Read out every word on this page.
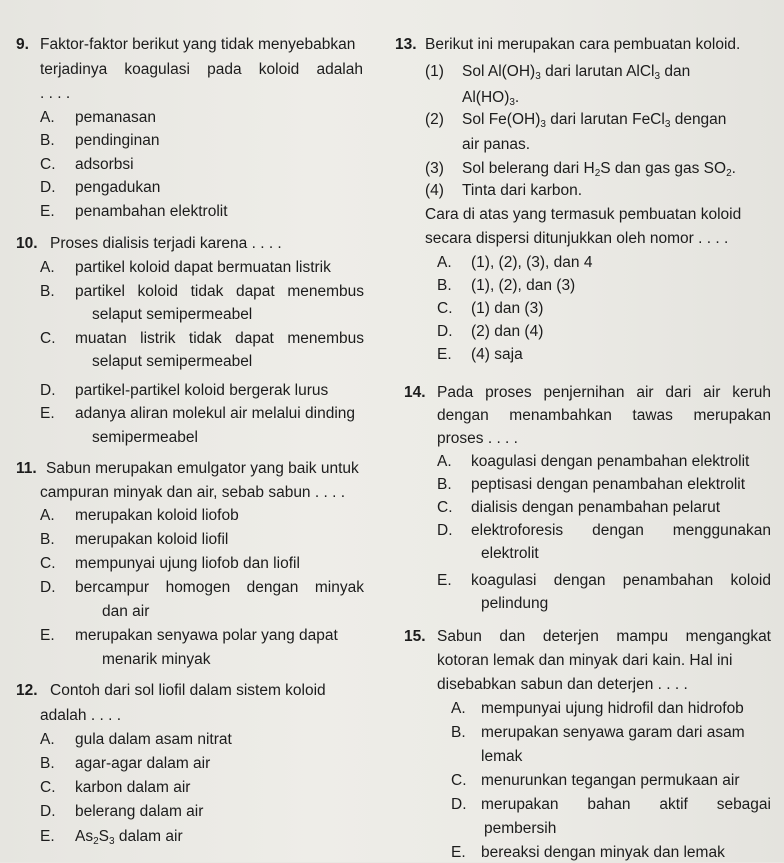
9. Faktor-faktor berikut yang tidak menyebabkan
terjadinya koagulasi pada koloid adalah
. . . .
A. pemanasan
B. pendinginan
C. adsorbsi
D. pengadukan
E. penambahan elektrolit
10. Proses dialisis terjadi karena . . . .
A. partikel koloid dapat bermuatan listrik
B. partikel koloid tidak dapat menembus
selaput semipermeabel
C. muatan listrik tidak dapat menembus
selaput semipermeabel
D. partikel-partikel koloid bergerak lurus
E. adanya aliran molekul air melalui dinding
semipermeabel
11. Sabun merupakan emulgator yang baik untuk
campuran minyak dan air, sebab sabun . . . .
A. merupakan koloid liofob
B. merupakan koloid liofil
C. mempunyai ujung liofob dan liofil
D. bercampur homogen dengan minyak
dan air
E. merupakan senyawa polar yang dapat
menarik minyak
12. Contoh dari sol liofil dalam sistem koloid
adalah . . . .
A. gula dalam asam nitrat
B. agar-agar dalam air
C. karbon dalam air
D. belerang dalam air
E. $As_2S_3$ dalam air
13. Berikut ini merupakan cara pembuatan koloid.
(1) Sol $Al(OH)_3$ dari larutan AlCl$_3$ dan
$Al(HO)_3$.
(2) Sol $Fe(OH)_3$ dari larutan FeCl$_3$ dengan
air panas.
(3) Sol belerang dari $H_2S$ dan gas gas $SO_2$.
(4) Tinta dari karbon.
Cara di atas yang termasuk pembuatan koloid
secara dispersi ditunjukkan oleh nomor . . . .
A. (1), (2), (3), dan 4
B. (1), (2), dan (3)
C. (1) dan (3)
D. (2) dan (4)
E. (4) saja
14. Pada proses penjernihan air dari air keruh
dengan menambahkan tawas merupakan
proses . . . .
A. koagulasi dengan penambahan elektrolit
B. peptisasi dengan penambahan elektrolit
C. dialisis dengan penambahan pelarut
D. elektroforesis dengan menggunakan
elektrolit
E. koagulasi dengan penambahan koloid
pelindung
15. Sabun dan deterjen mampu mengangkat
kotoran lemak dan minyak dari kain. Hal ini
disebabkan sabun dan deterjen . . . .
A. mempunyai ujung hidrofil dan hidrofob
B. merupakan senyawa garam dari asam
lemak
C. menurunkan tegangan permukaan air
D. merupakan bahan aktif sebagai
pembersih
E. bereaksi dengan minyak dan lemak
